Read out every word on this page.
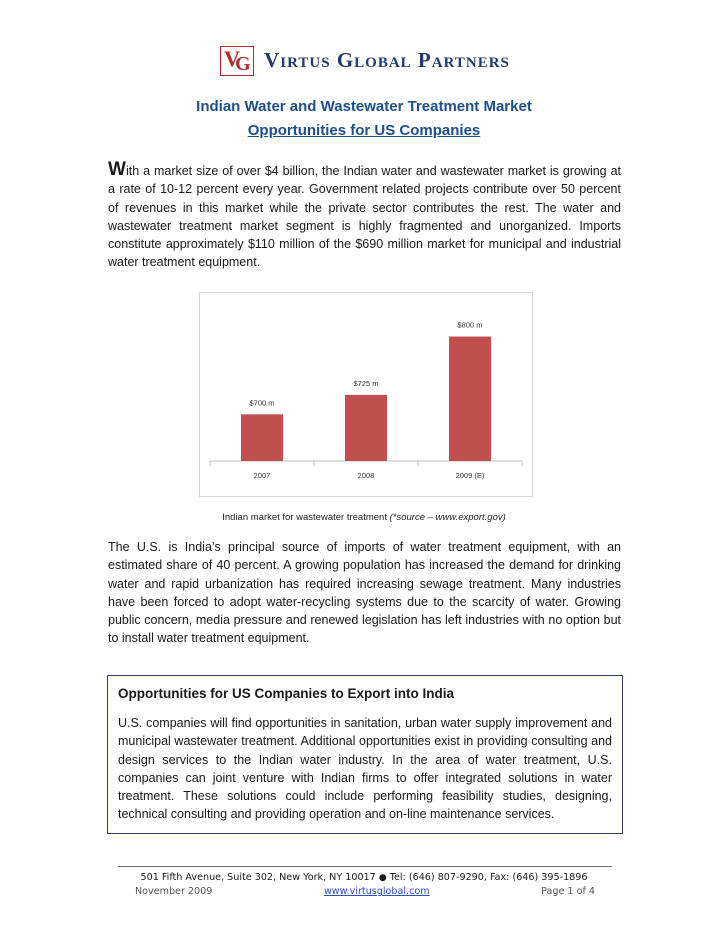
V
G Virtus Global Partners
Indian Water and Wastewater Treatment Market
Opportunities for US Companies
With a market size of over $4 billion, the Indian water and wastewater market is growing at a rate of 10-12 percent every year. Government related projects contribute over 50 percent of revenues in this market while the private sector contributes the rest. The water and wastewater treatment market segment is highly fragmented and unorganized. Imports constitute approximately $110 million of the $690 million market for municipal and industrial water treatment equipment.
$700 m
2007
$725 m
2008
$800 m
2009 (E)
Indian market for wastewater treatment (*source – www.export.gov)
The U.S. is India’s principal source of imports of water treatment equipment, with an estimated share of 40 percent. A growing population has increased the demand for drinking water and rapid urbanization has required increasing sewage treatment. Many industries have been forced to adopt water-recycling systems due to the scarcity of water. Growing public concern, media pressure and renewed legislation has left industries with no option but to install water treatment equipment.
Opportunities for US Companies to Export into India
U.S. companies will find opportunities in sanitation, urban water supply improvement and municipal wastewater treatment. Additional opportunities exist in providing consulting and design services to the Indian water industry. In the area of water treatment, U.S. companies can joint venture with Indian firms to offer integrated solutions in water treatment. These solutions could include performing feasibility studies, designing, technical consulting and providing operation and on-line maintenance services.
501 Fifth Avenue, Suite 302, New York, NY 10017 ● Tel: (646) 807-9290, Fax: (646) 395-1896
November 2009	www.virtusglobal.com	Page 1 of 4
